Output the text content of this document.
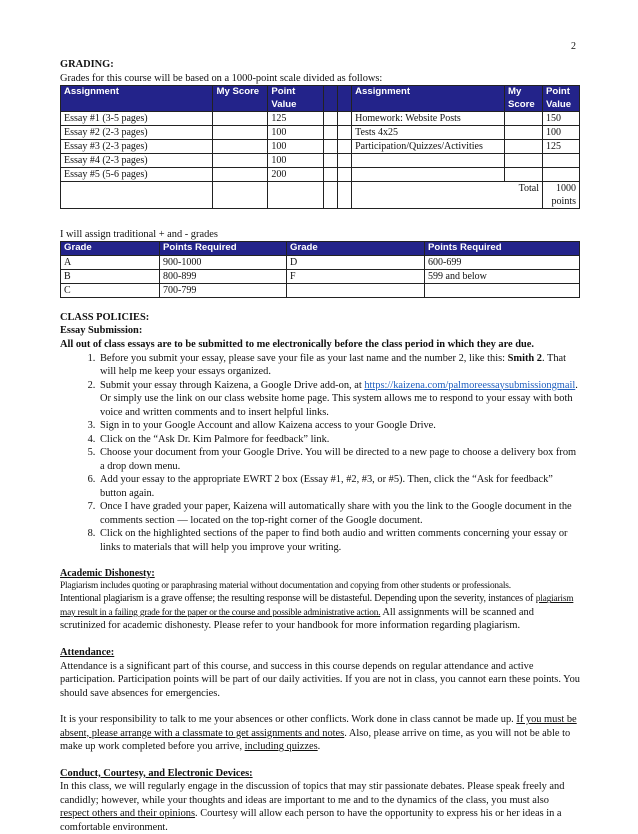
2

GRADING:

Grades for this course will be based on a 1000-point scale divided as follows:

Assignment	My Score	Point Value			Assignment	My Score	Point Value
Essay #1 (3-5 pages)		125			Homework: Website Posts		150
Essay #2 (2-3 pages)		100			Tests 4x25		100
Essay #3 (2-3 pages)		100			Participation/Quizzes/Activities		125
Essay #4 (2-3 pages)		100					
Essay #5 (5-6 pages)		200					
					Total		1000 points

I will assign traditional + and - grades

Grade	Points Required	Grade	Points Required
A	900-1000	D	600-699
B	800-899	F	599 and below
C	700-799		

CLASS POLICIES:

Essay Submission:

All out of class essays are to be submitted to me electronically before the class period in which they are due.

1. Before you submit your essay, please save your file as your last name and the number 2, like this: Smith 2. That will help me keep your essays organized.
2. Submit your essay through Kaizena, a Google Drive add-on, at https://kaizena.com/palmoreessaysubmissiongmail. Or simply use the link on our class website home page. This system allows me to respond to your essay with both voice and written comments and to insert helpful links.
3. Sign in to your Google Account and allow Kaizena access to your Google Drive.
4. Click on the “Ask Dr. Kim Palmore for feedback” link.
5. Choose your document from your Google Drive. You will be directed to a new page to choose a delivery box from a drop down menu.
6. Add your essay to the appropriate EWRT 2 box (Essay #1, #2, #3, or #5). Then, click the “Ask for feedback” button again.
7. Once I have graded your paper, Kaizena will automatically share with you the link to the Google document in the comments section — located on the top-right corner of the Google document.
8. Click on the highlighted sections of the paper to find both audio and written comments concerning your essay or links to materials that will help you improve your writing.

Academic Dishonesty:

Plagiarism includes quoting or paraphrasing material without documentation and copying from other students or professionals.

Intentional plagiarism is a grave offense; the resulting response will be distasteful. Depending upon the severity, instances of plagiarism may result in a failing grade for the paper or the course and possible administrative action. All assignments will be scanned and scrutinized for academic dishonesty. Please refer to your handbook for more information regarding plagiarism.

Attendance:

Attendance is a significant part of this course, and success in this course depends on regular attendance and active participation. Participation points will be part of our daily activities. If you are not in class, you cannot earn these points. You should save absences for emergencies.

It is your responsibility to talk to me your absences or other conflicts. Work done in class cannot be made up. If you must be absent, please arrange with a classmate to get assignments and notes. Also, please arrive on time, as you will not be able to make up work completed before you arrive, including quizzes.

Conduct, Courtesy, and Electronic Devices:

In this class, we will regularly engage in the discussion of topics that may stir passionate debates. Please speak freely and candidly; however, while your thoughts and ideas are important to me and to the dynamics of the class, you must also respect others and their opinions. Courtesy will allow each person to have the opportunity to express his or her ideas in a comfortable environment.
